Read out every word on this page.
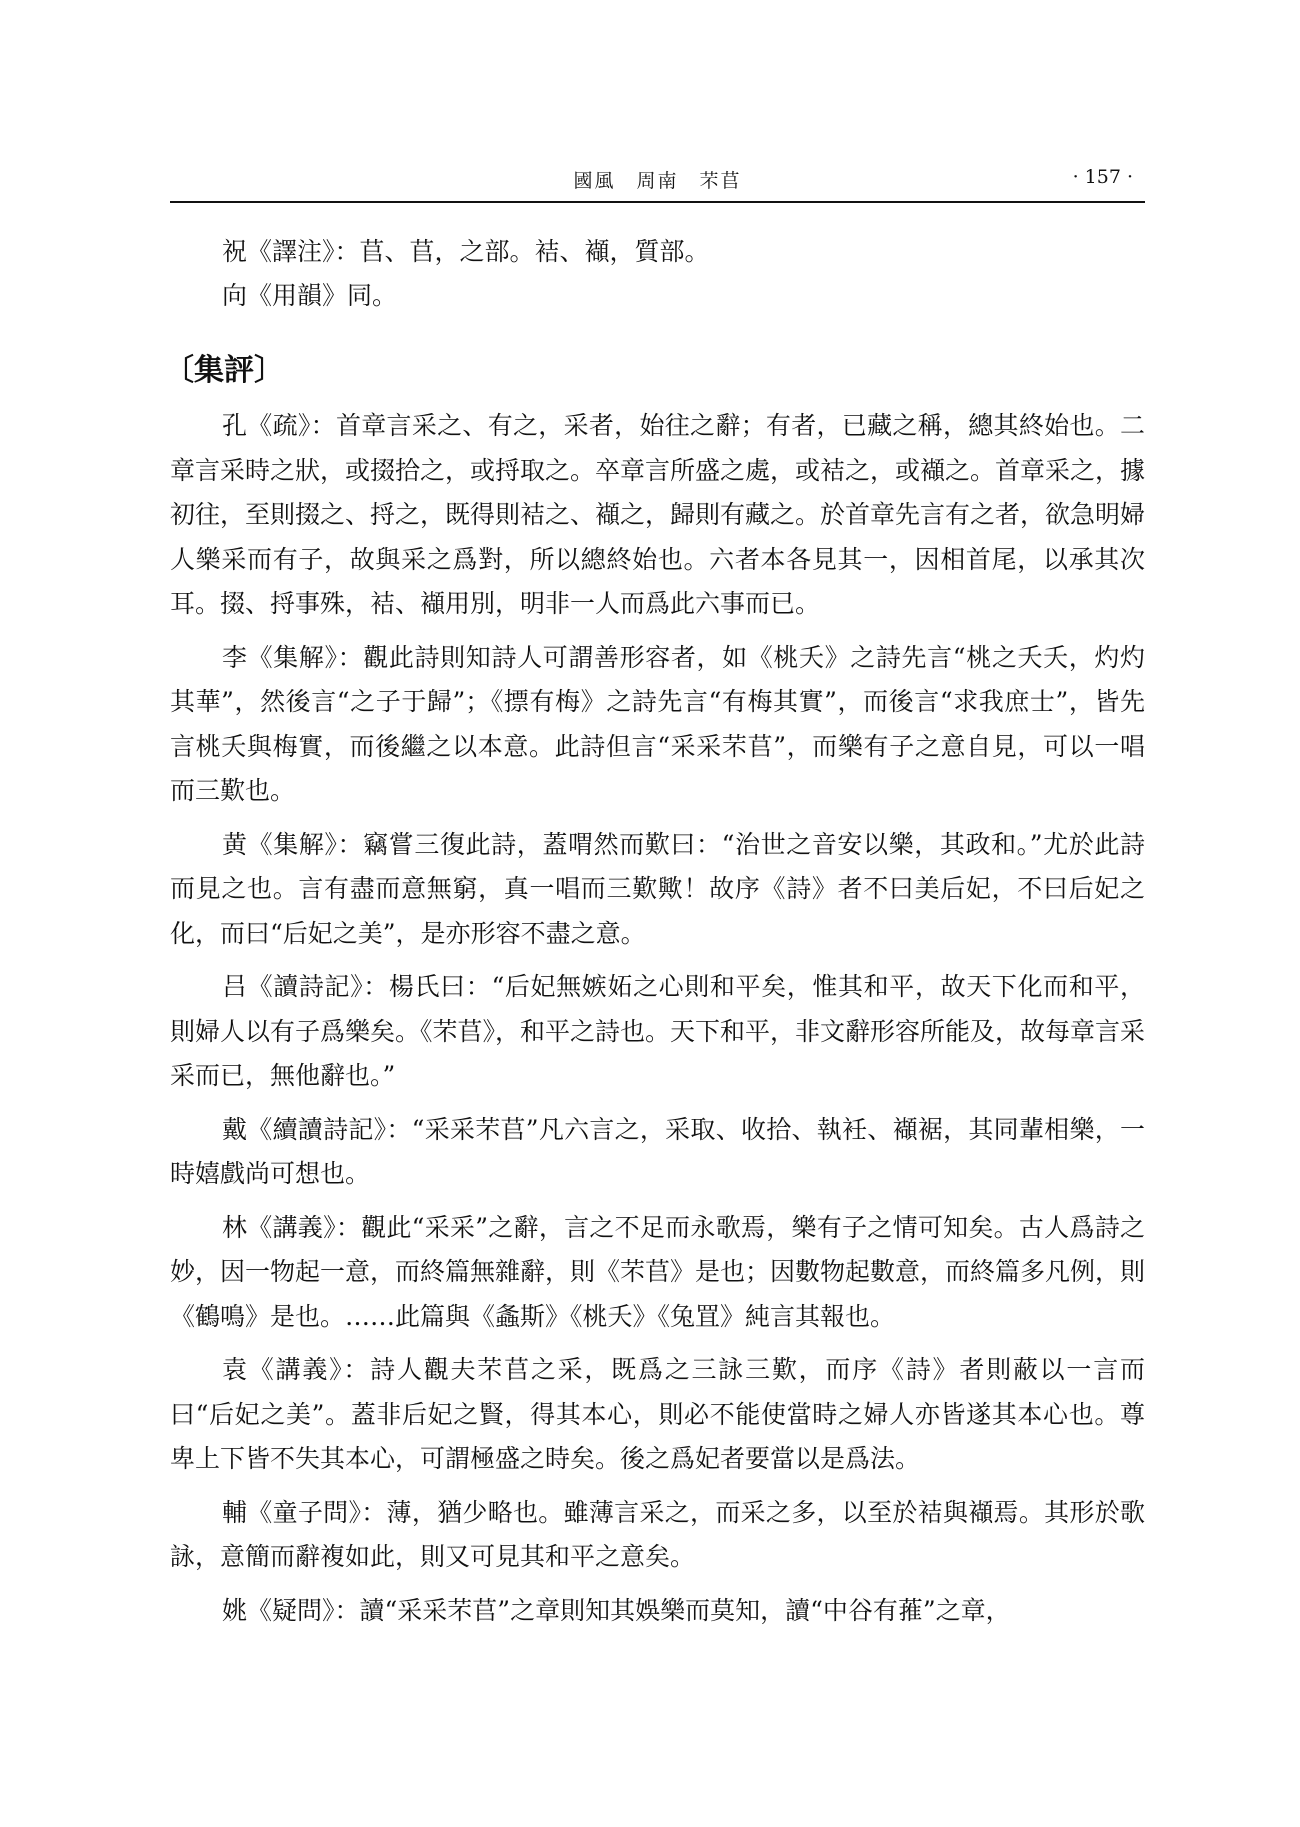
國風　周南　芣苢	· 157 ·

祝《譯注》：苢、苢，之部。袺、襭，質部。

向《用韻》同。

〔集評〕

孔《疏》：首章言采之、有之，采者，始往之辭；有者，已藏之稱，總其終始也。二章言采時之狀，或掇拾之，或捋取之。卒章言所盛之處，或袺之，或襭之。首章采之，據初往，至則掇之、捋之，既得則袺之、襭之，歸則有藏之。於首章先言有之者，欲急明婦人樂采而有子，故與采之爲對，所以總終始也。六者本各見其一，因相首尾，以承其次耳。掇、捋事殊，袺、襭用別，明非一人而爲此六事而已。

李《集解》：觀此詩則知詩人可謂善形容者，如《桃夭》之詩先言“桃之夭夭，灼灼其華”，然後言“之子于歸”；《摽有梅》之詩先言“有梅其實”，而後言“求我庶士”，皆先言桃夭與梅實，而後繼之以本意。此詩但言“采采芣苢”，而樂有子之意自見，可以一唱而三歎也。

黄《集解》：竊嘗三復此詩，蓋喟然而歎曰：“治世之音安以樂，其政和。”尤於此詩而見之也。言有盡而意無窮，真一唱而三歎歟！故序《詩》者不曰美后妃，不曰后妃之化，而曰“后妃之美”，是亦形容不盡之意。

吕《讀詩記》：楊氏曰：“后妃無嫉妬之心則和平矣，惟其和平，故天下化而和平，則婦人以有子爲樂矣。《芣苢》，和平之詩也。天下和平，非文辭形容所能及，故每章言采采而已，無他辭也。”

戴《續讀詩記》：“采采芣苢”凡六言之，采取、收拾、執衽、襭裾，其同輩相樂，一時嬉戲尚可想也。

林《講義》：觀此“采采”之辭，言之不足而永歌焉，樂有子之情可知矣。古人爲詩之妙，因一物起一意，而終篇無雜辭，則《芣苢》是也；因數物起數意，而終篇多凡例，則《鶴鳴》是也。……此篇與《螽斯》《桃夭》《兔罝》純言其報也。

袁《講義》：詩人觀夫芣苢之采，既爲之三詠三歎，而序《詩》者則蔽以一言而曰“后妃之美”。蓋非后妃之賢，得其本心，則必不能使當時之婦人亦皆遂其本心也。尊卑上下皆不失其本心，可謂極盛之時矣。後之爲妃者要當以是爲法。

輔《童子問》：薄，猶少略也。雖薄言采之，而采之多，以至於袺與襭焉。其形於歌詠，意簡而辭複如此，則又可見其和平之意矣。

姚《疑問》：讀“采采芣苢”之章則知其娛樂而莫知，讀“中谷有蓷”之章，
